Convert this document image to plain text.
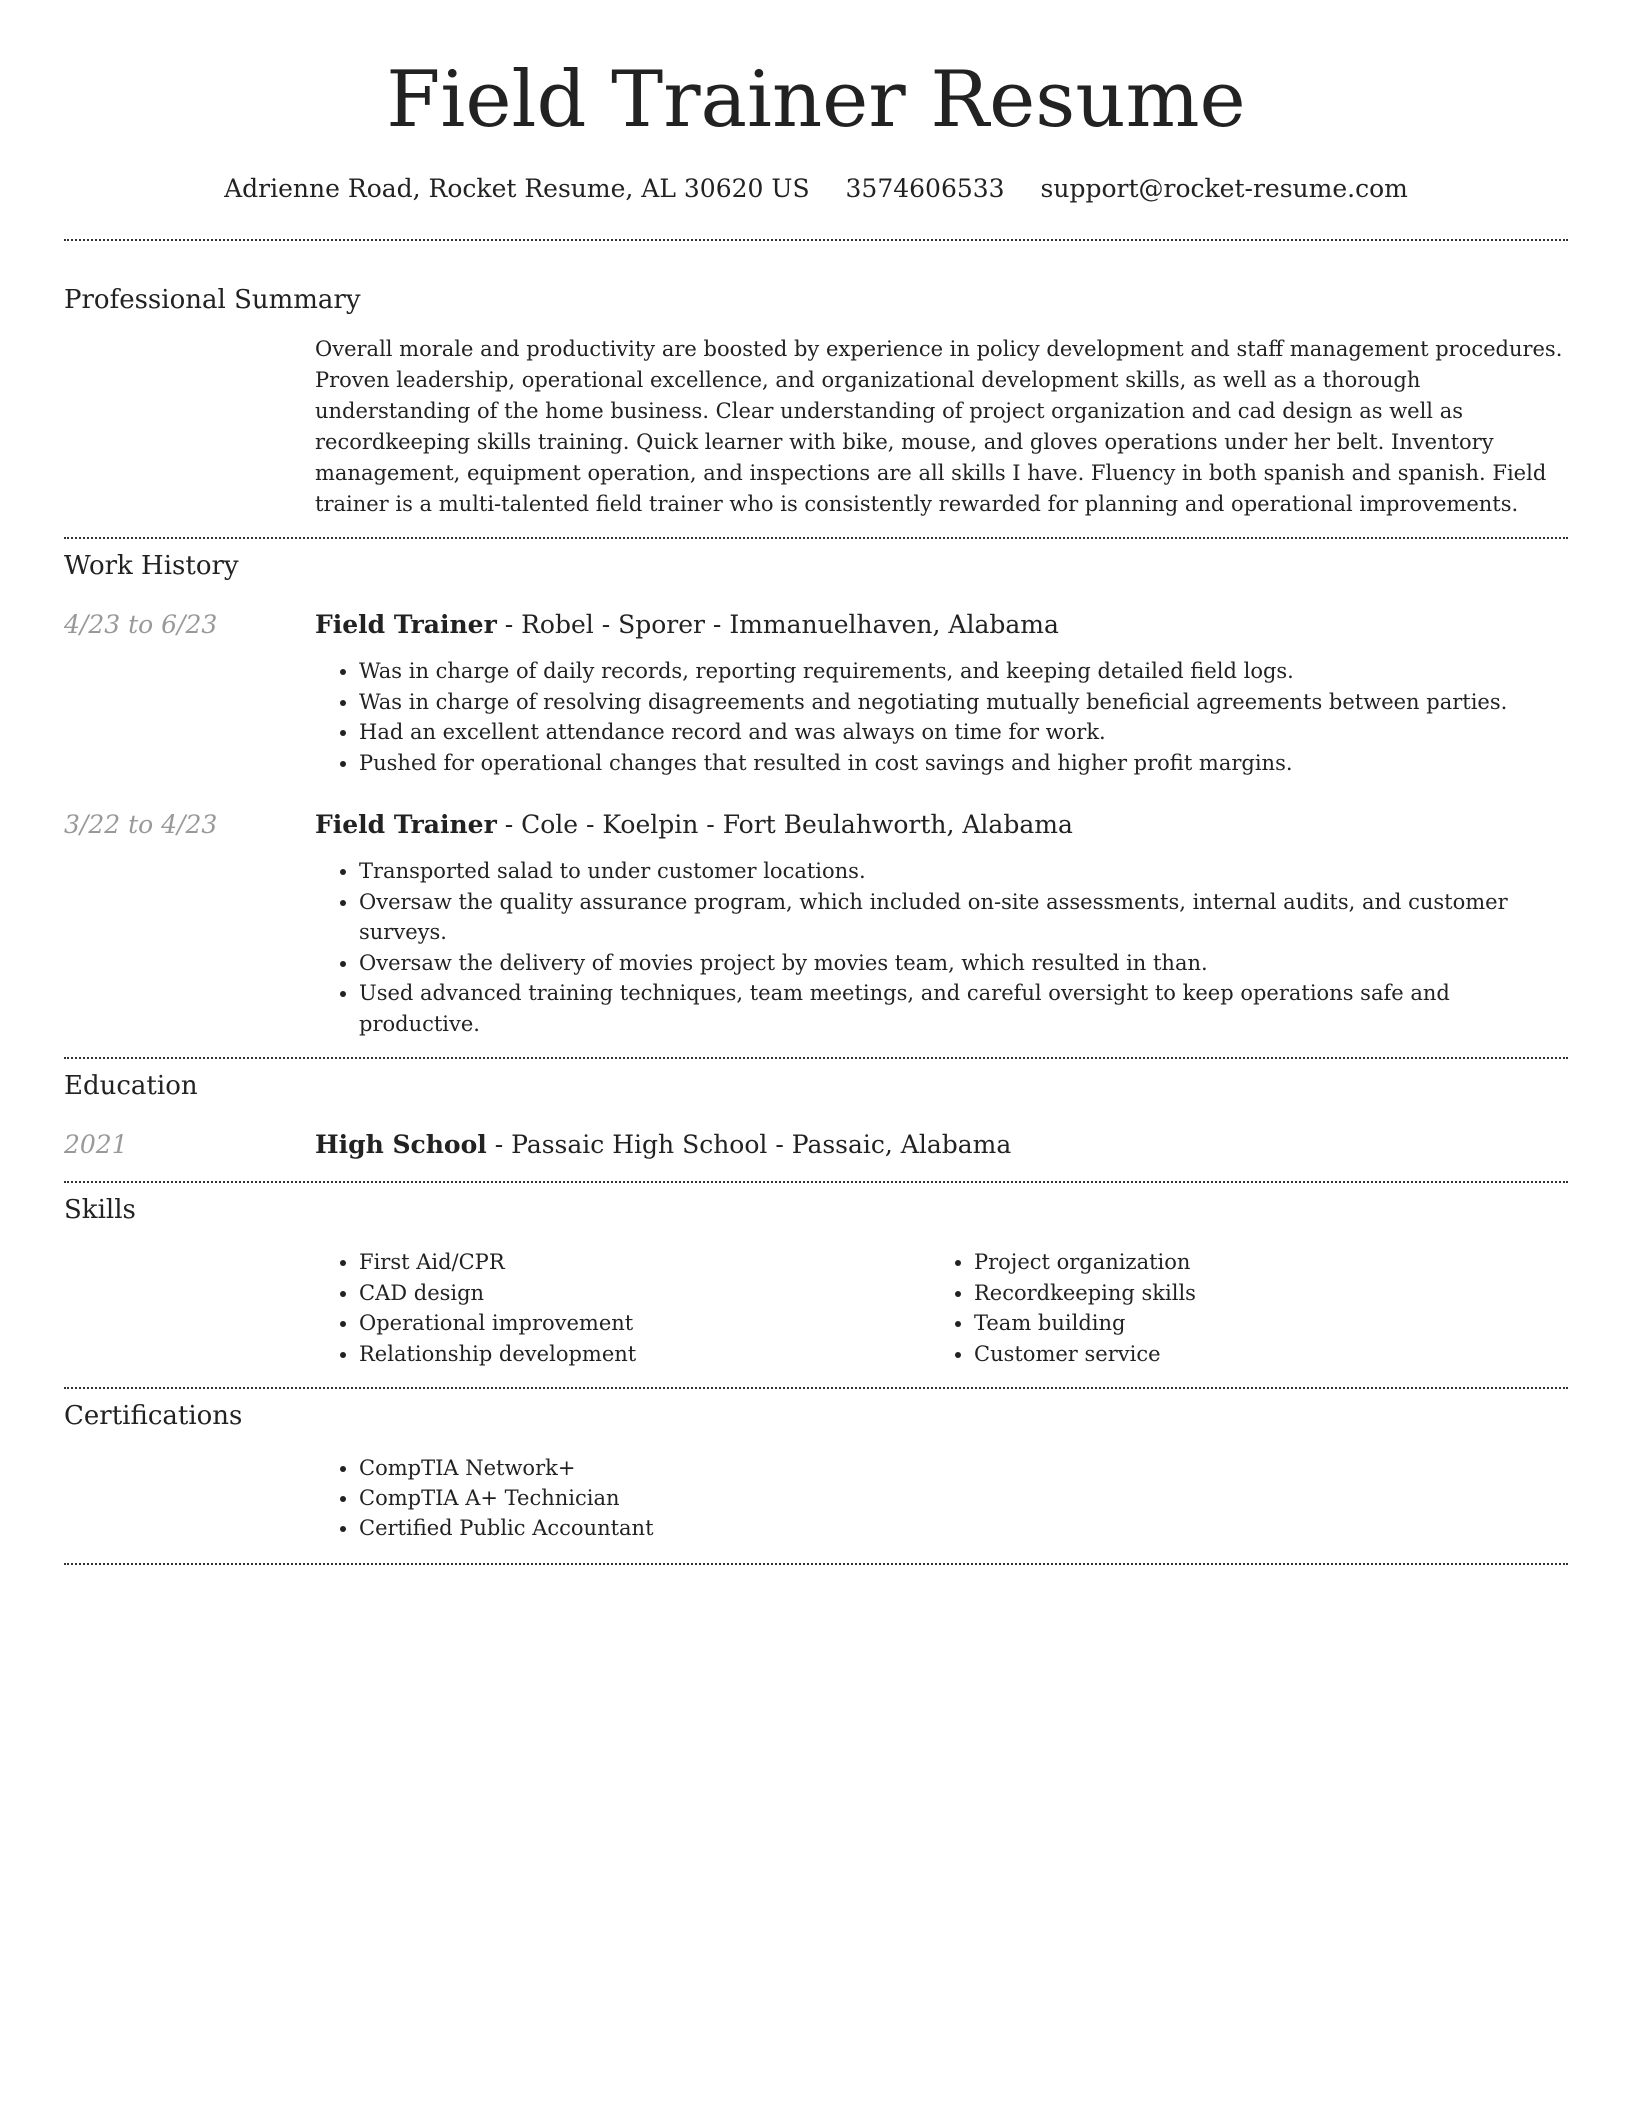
Field Trainer Resume
Adrienne Road, Rocket Resume, AL 30620 US 3574606533 support@rocket-resume.com
Professional Summary
Overall morale and productivity are boosted by experience in policy development and staff management procedures. Proven leadership, operational excellence, and organizational development skills, as well as a thorough understanding of the home business. Clear understanding of project organization and cad design as well as recordkeeping skills training. Quick learner with bike, mouse, and gloves operations under her belt. Inventory management, equipment operation, and inspections are all skills I have. Fluency in both spanish and spanish. Field trainer is a multi-talented field trainer who is consistently rewarded for planning and operational improvements.
Work History
4/23 to 6/23	Field Trainer - Robel - Sporer - Immanuelhaven, Alabama
• Was in charge of daily records, reporting requirements, and keeping detailed field logs.
• Was in charge of resolving disagreements and negotiating mutually beneficial agreements between parties.
• Had an excellent attendance record and was always on time for work.
• Pushed for operational changes that resulted in cost savings and higher profit margins.
3/22 to 4/23	Field Trainer - Cole - Koelpin - Fort Beulahworth, Alabama
• Transported salad to under customer locations.
• Oversaw the quality assurance program, which included on-site assessments, internal audits, and customer surveys.
• Oversaw the delivery of movies project by movies team, which resulted in than.
• Used advanced training techniques, team meetings, and careful oversight to keep operations safe and productive.
Education
2021	High School - Passaic High School - Passaic, Alabama
Skills
• First Aid/CPR
• CAD design
• Operational improvement
• Relationship development
• Project organization
• Recordkeeping skills
• Team building
• Customer service
Certifications
• CompTIA Network+
• CompTIA A+ Technician
• Certified Public Accountant
